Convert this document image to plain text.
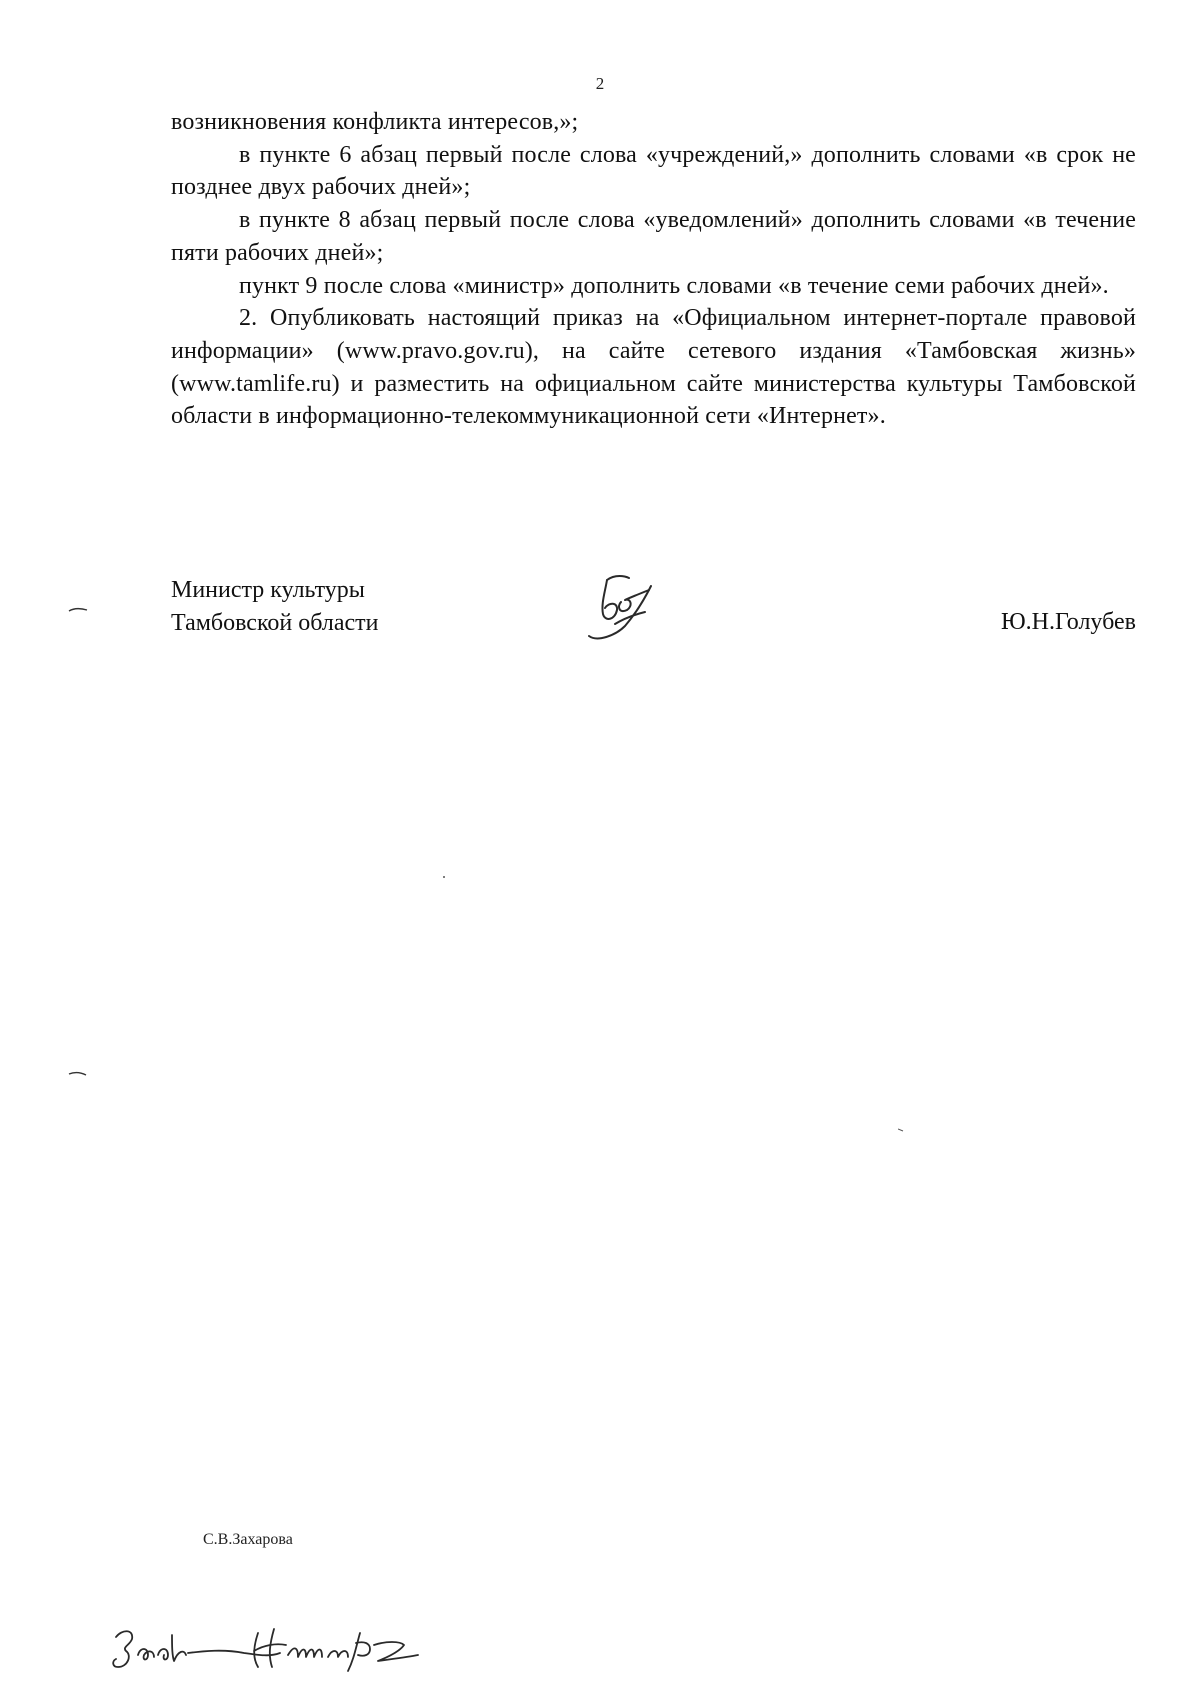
2

возникновения конфликта интересов,»;

в пункте 6 абзац первый после слова «учреждений,» дополнить словами «в срок не позднее двух рабочих дней»;

в пункте 8 абзац первый после слова «уведомлений» дополнить словами «в течение пяти рабочих дней»;

пункт 9 после слова «министр» дополнить словами «в течение семи рабочих дней».

2. Опубликовать настоящий приказ на «Официальном интернет-портале правовой информации» (www.pravo.gov.ru), на сайте сетевого издания «Тамбовская жизнь» (www.tamlife.ru) и разместить на официальном сайте министерства культуры Тамбовской области в информационно-телекоммуникационной сети «Интернет».

Министр культуры
Тамбовской области	Ю.Н.Голубев
С.В.Захарова
